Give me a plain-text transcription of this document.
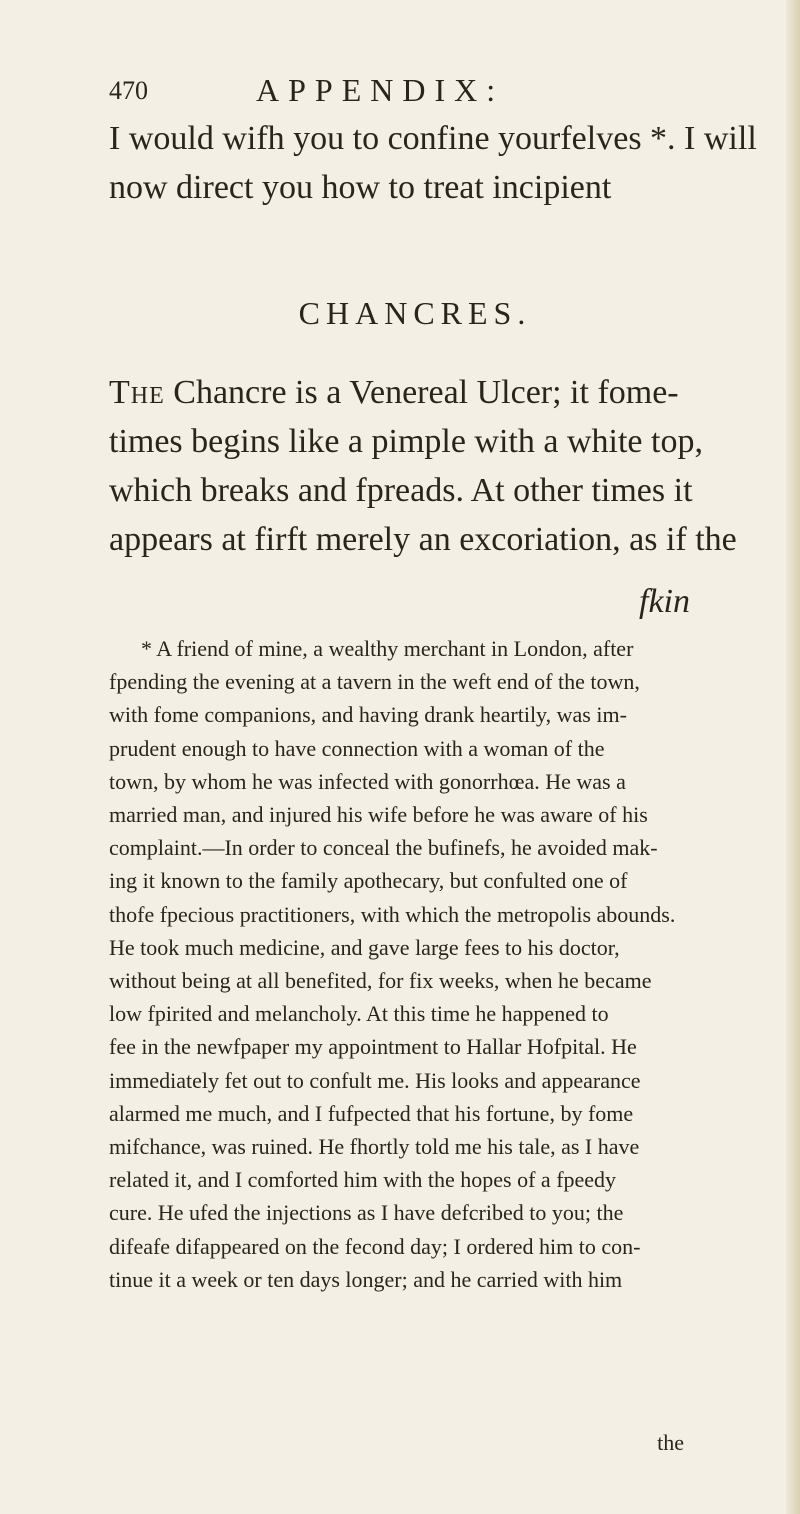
470	APPENDIX:
I would wifh you to confine yourfelves *. I will
now direct you how to treat incipient
CHANCRES.
The Chancre is a Venereal Ulcer; it fome-
times begins like a pimple with a white top,
which breaks and fpreads. At other times it
appears at firft merely an excoriation, as if the
fkin
* A friend of mine, a wealthy merchant in London, after
fpending the evening at a tavern in the weft end of the town,
with fome companions, and having drank heartily, was im-
prudent enough to have connection with a woman of the
town, by whom he was infected with gonorrhœa. He was a
married man, and injured his wife before he was aware of his
complaint.—In order to conceal the bufinefs, he avoided mak-
ing it known to the family apothecary, but confulted one of
thofe fpecious practitioners, with which the metropolis abounds.
He took much medicine, and gave large fees to his doctor,
without being at all benefited, for fix weeks, when he became
low fpirited and melancholy. At this time he happened to
fee in the newfpaper my appointment to Hallar Hofpital. He
immediately fet out to confult me. His looks and appearance
alarmed me much, and I fufpected that his fortune, by fome
mifchance, was ruined. He fhortly told me his tale, as I have
related it, and I comforted him with the hopes of a fpeedy
cure. He ufed the injections as I have defcribed to you; the
difeafe difappeared on the fecond day; I ordered him to con-
tinue it a week or ten days longer; and he carried with him
the
